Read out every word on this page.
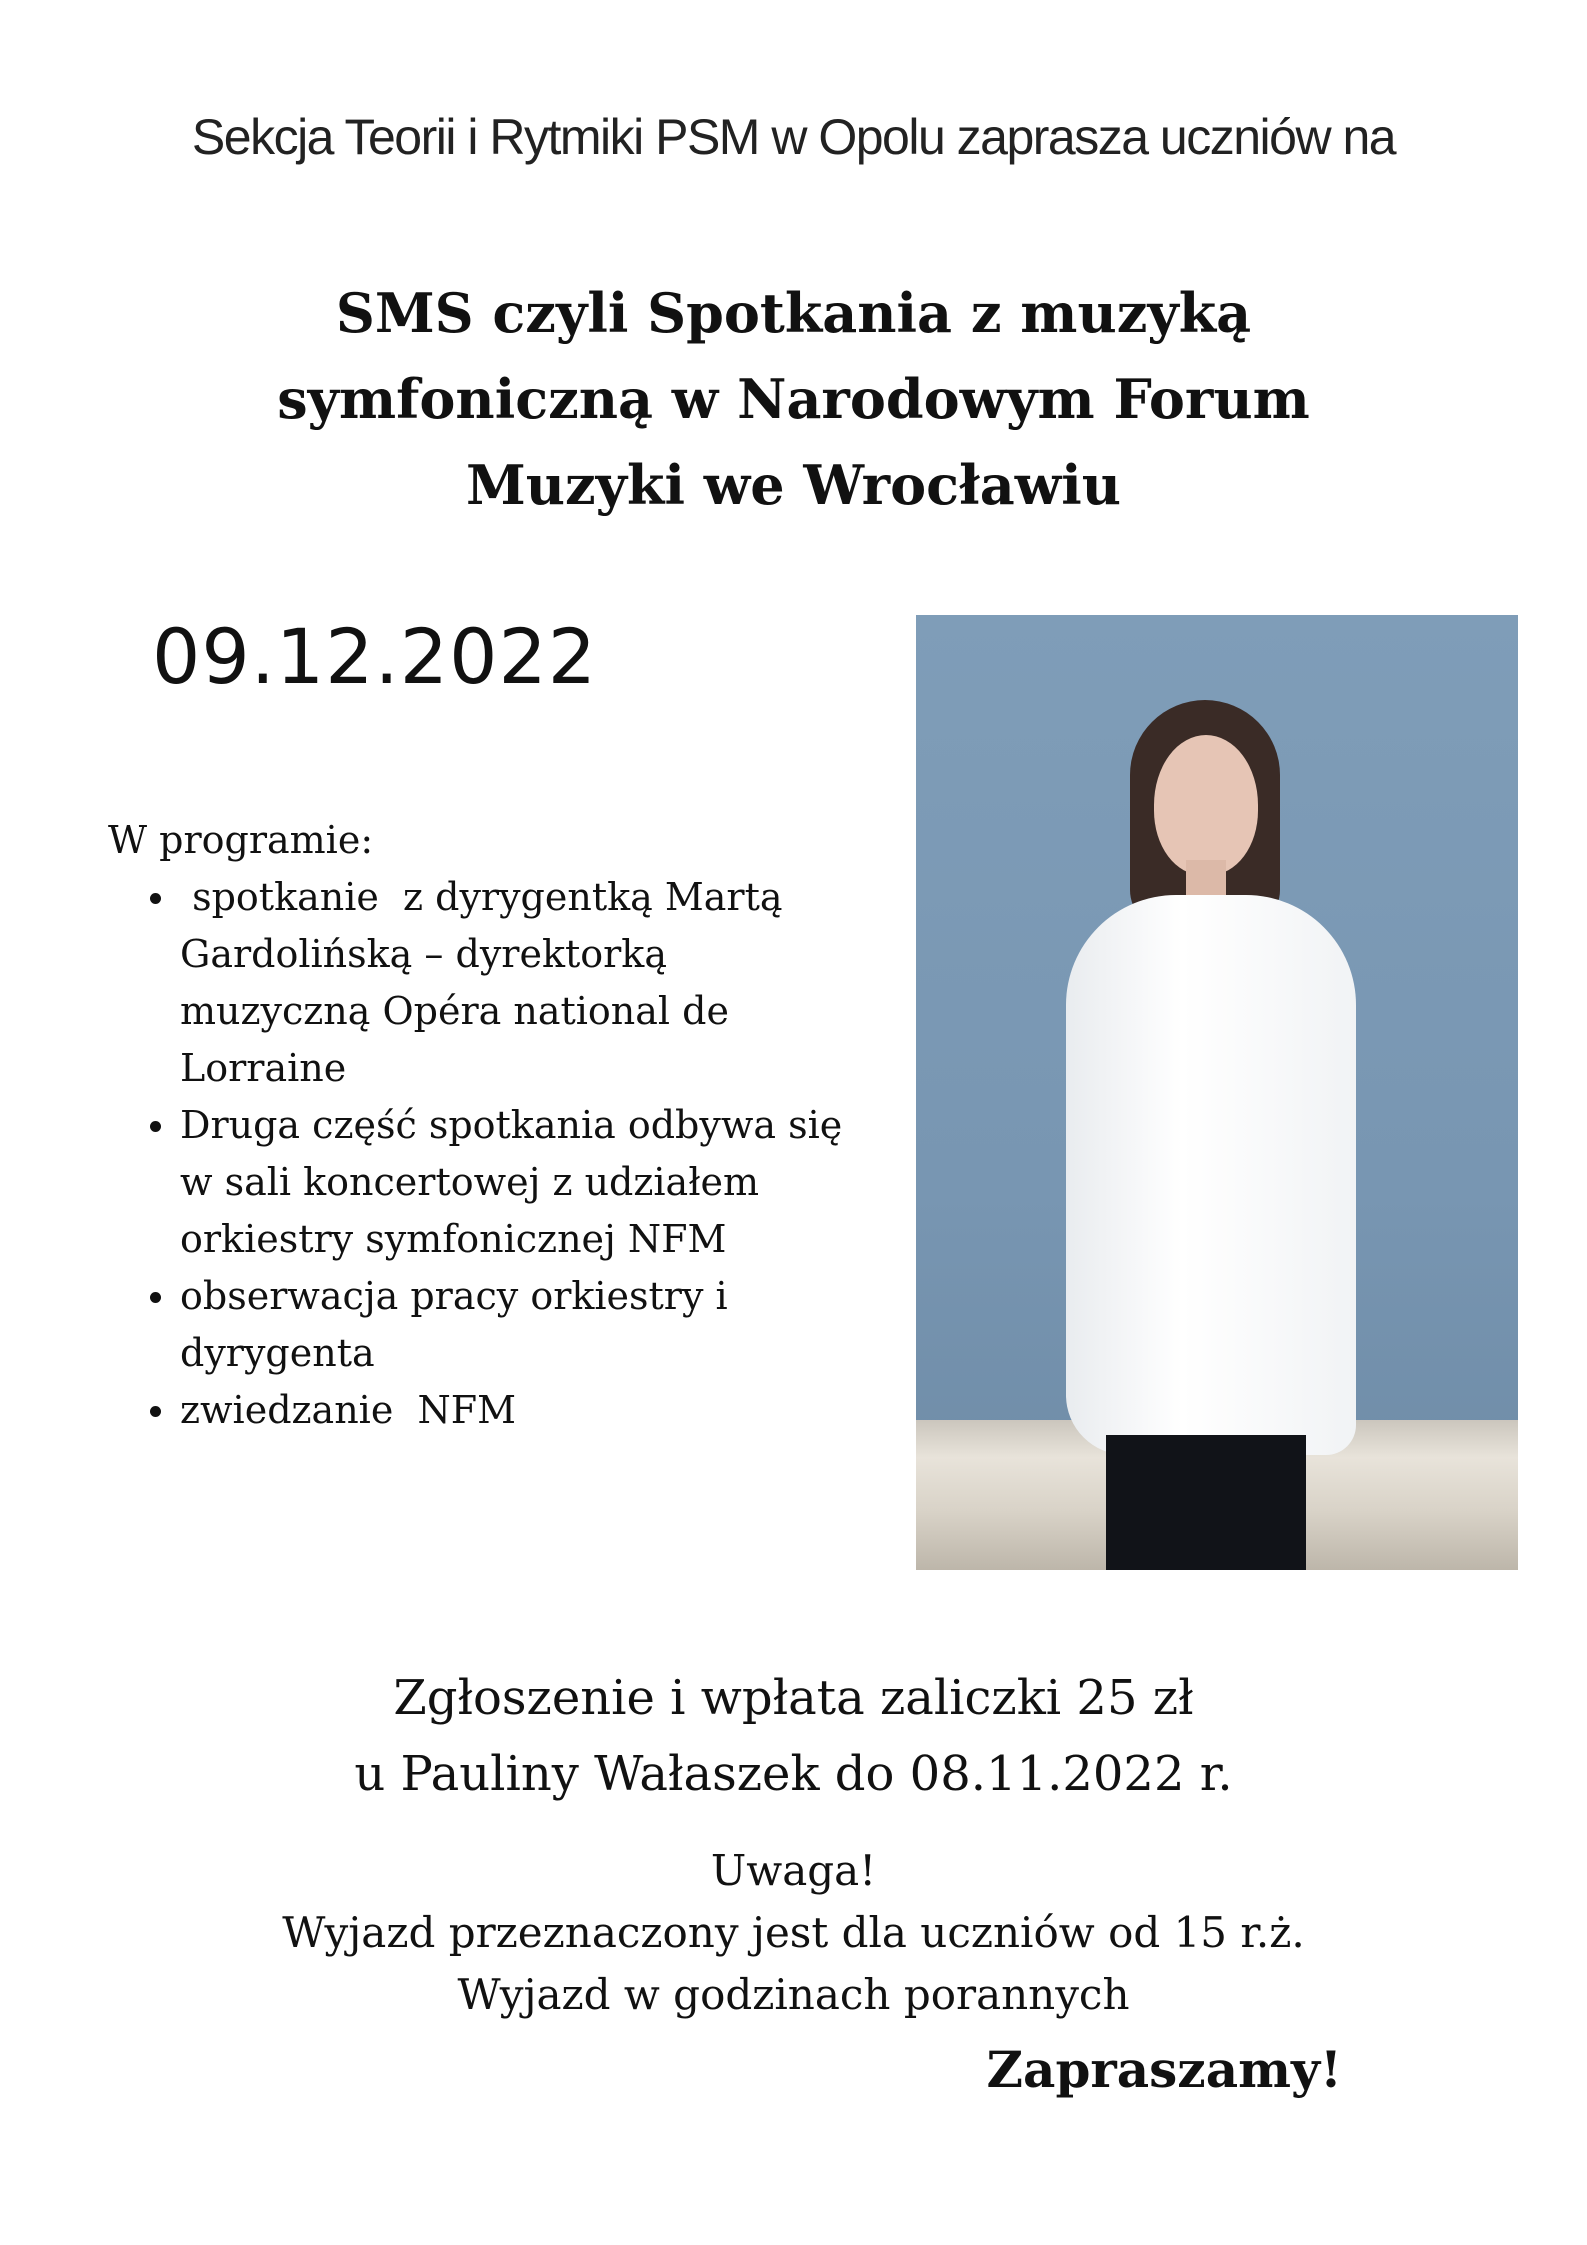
Sekcja Teorii i Rytmiki PSM w Opolu zaprasza uczniów na
SMS czyli Spotkania z muzyką
symfoniczną w Narodowym Forum
Muzyki we Wrocławiu
09.12.2022
W programie:
spotkanie  z dyrygentką Martą Gardolińską – dyrektorką muzyczną Opéra national de Lorraine
Druga część spotkania odbywa się w sali koncertowej z udziałem orkiestry symfonicznej NFM
obserwacja pracy orkiestry i dyrygenta
zwiedzanie  NFM
Zgłoszenie i wpłata zaliczki 25 zł
u Pauliny Wałaszek do 08.11.2022 r.
Uwaga!
Wyjazd przeznaczony jest dla uczniów od 15 r.ż.
Wyjazd w godzinach porannych
Zapraszamy!
